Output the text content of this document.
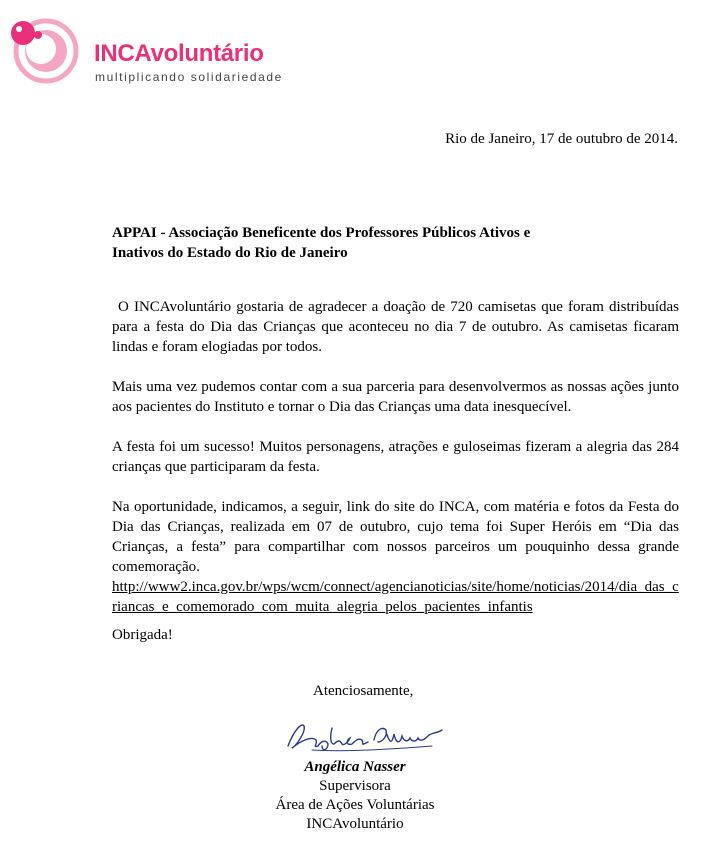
INCAvoluntário
multiplicando solidariedade
Rio de Janeiro, 17 de outubro de 2014.
APPAI - Associação Beneficente dos Professores Públicos Ativos e
Inativos do Estado do Rio de Janeiro

O INCAvoluntário gostaria de agradecer a doação de 720 camisetas que foram distribuídas para a festa do Dia das Crianças que aconteceu no dia 7 de outubro. As camisetas ficaram lindas e foram elogiadas por todos.

Mais uma vez pudemos contar com a sua parceria para desenvolvermos as nossas ações junto aos pacientes do Instituto e tornar o Dia das Crianças uma data inesquecível.

A festa foi um sucesso! Muitos personagens, atrações e guloseimas fizeram a alegria das 284 crianças que participaram da festa.

Na oportunidade, indicamos, a seguir, link do site do INCA, com matéria e fotos da Festa do Dia das Crianças, realizada em 07 de outubro, cujo tema foi Super Heróis em “Dia das Crianças, a festa” para compartilhar com nossos parceiros um pouquinho dessa grande comemoração.
http://www2.inca.gov.br/wps/wcm/connect/agencianoticias/site/home/noticias/2014/dia_das_criancas_e_comemorado_com_muita_alegria_pelos_pacientes_infantis

Obrigada!
Atenciosamente,
Angélica Nasser
Supervisora
Área de Ações Voluntárias
INCAvoluntário
